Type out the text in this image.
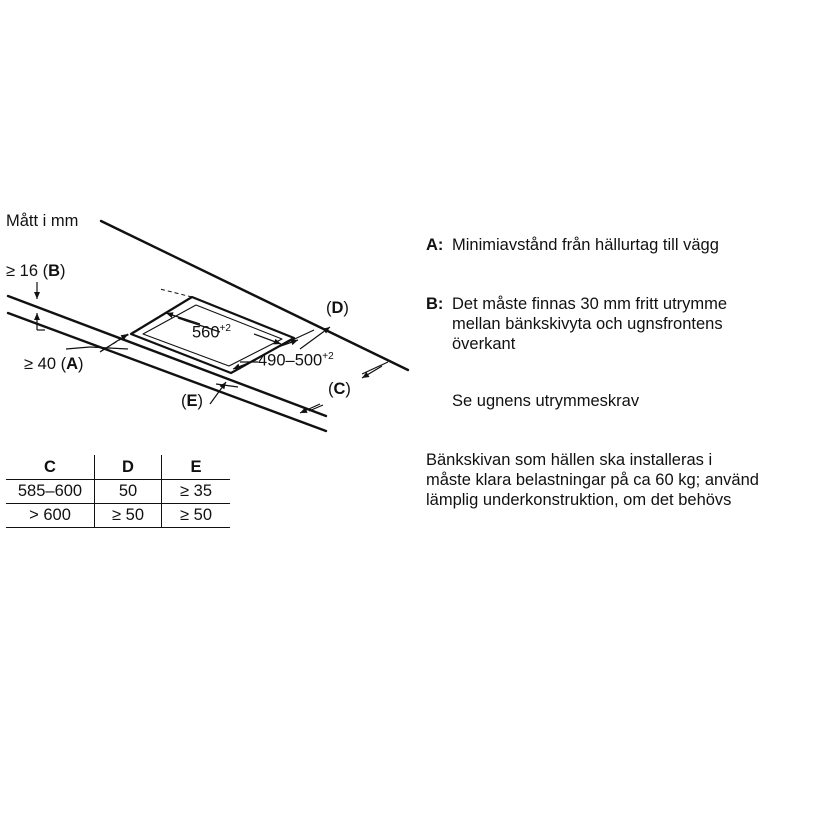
Mått i mm
≥ 16 (B)
≥ 40 (A)
(E)
(D)
(C)
$560^{+2}$
$490-500^{+2}$
C	D	E
585–600	50	≥ 35
> 600	≥ 50	≥ 50
A: Minimiavstånd från hällurtag till vägg
B: Det måste finnas 30 mm fritt utrymme
mellan bänkskivyta och ugnsfrontens
överkant
Se ugnens utrymmeskrav
Bänkskivan som hällen ska installeras i
måste klara belastningar på ca 60 kg; använd
lämplig underkonstruktion, om det behövs
